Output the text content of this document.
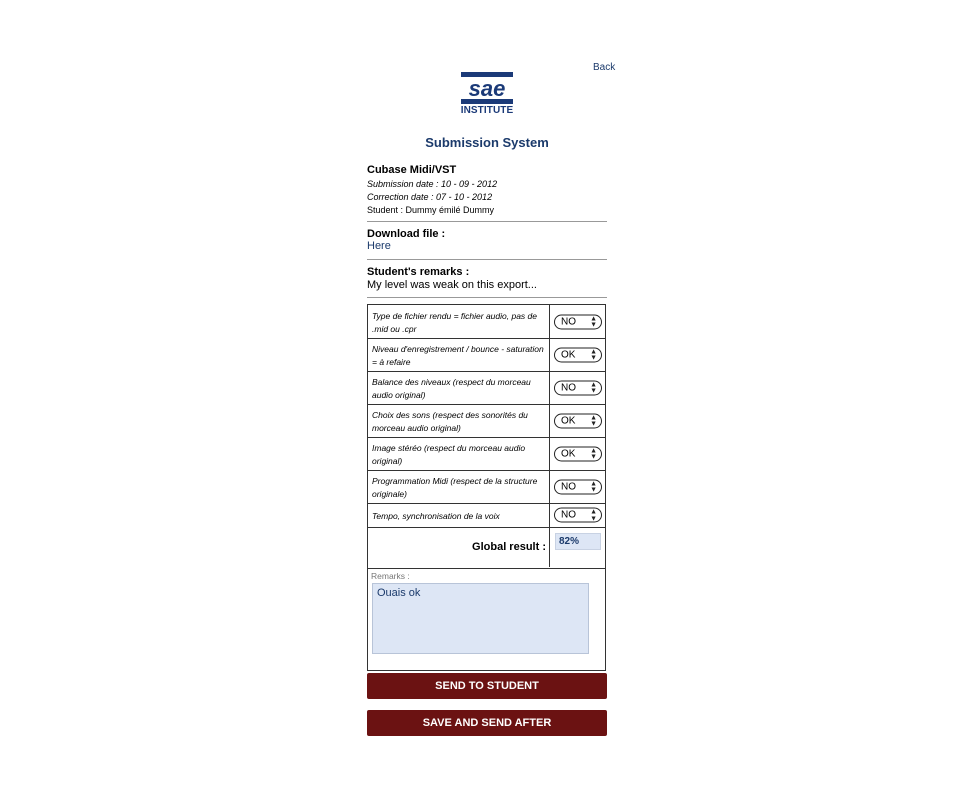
Back
sae
INSTITUTE
Submission System
Cubase Midi/VST
Submission date : 10 - 09 - 2012
Correction date : 07 - 10 - 2012
Student : Dummy émilé Dummy
Download file :
Here
Student's remarks :
My level was weak on this export...
Type de fichier rendu = fichier audio, pas de .mid ou .cpr
NO ▲
▼
Niveau d'enregistrement / bounce - saturation = à refaire
OK ▲
▼
Balance des niveaux (respect du morceau audio original)
NO ▲
▼
Choix des sons (respect des sonorités du morceau audio original)
OK ▲
▼
Image stéréo (respect du morceau audio original)
OK ▲
▼
Programmation Midi (respect de la structure originale)
NO ▲
▼
Tempo, synchronisation de la voix	NO ▲
▼
Global result :	82%
Remarks :
Ouais ok
SEND TO STUDENT
SAVE AND SEND AFTER
